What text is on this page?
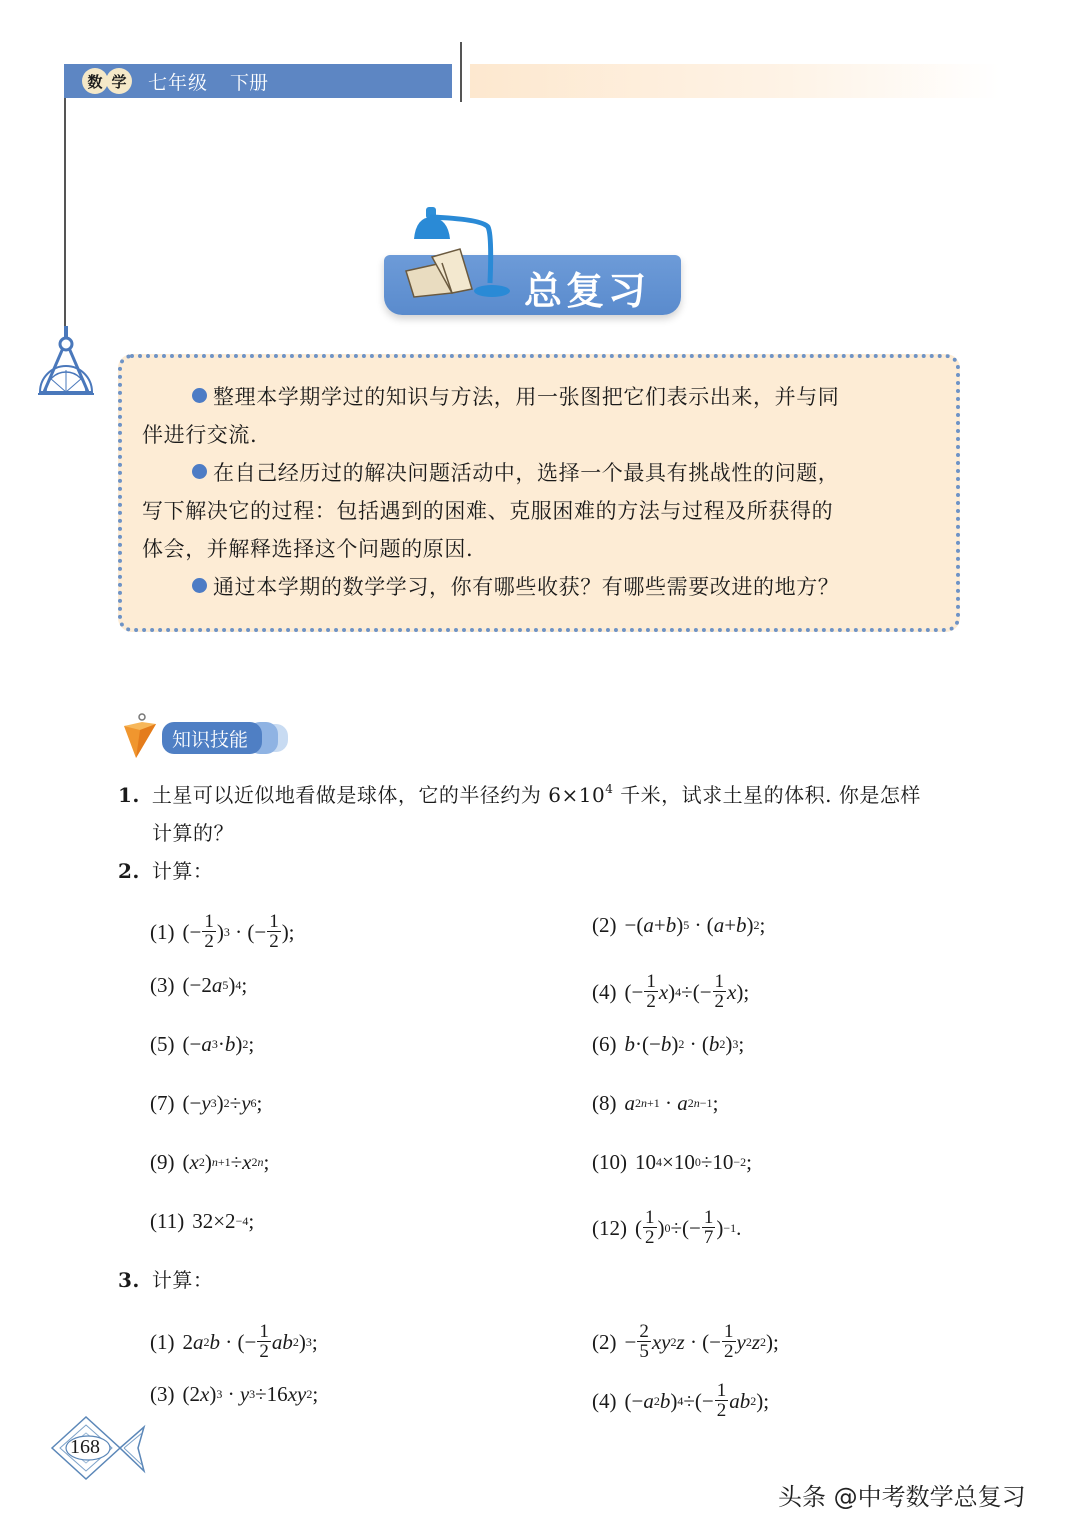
数 学 七年级 下册
总复习

整理本学期学过的知识与方法，用一张图把它们表示出来，并与同

伴进行交流.

在自己经历过的解决问题活动中，选择一个最具有挑战性的问题，

写下解决它的过程：包括遇到的困难、克服困难的方法与过程及所获得的

体会，并解释选择这个问题的原因.

通过本学期的数学学习，你有哪些收获？有哪些需要改进的地方？

知识技能
1. 土星可以近似地看做是球体，它的半径约为 $6\times 10^4$ 千米，试求土星的体积. 你是怎样
计算的？
2. 计算：
(1) (− $\frac{1}{2}$ ) 3 · (− $\frac{1}{2}$ );	(2) −( a + b ) 5 · ( a + b ) 2 ;
(3) (−2 a 5 ) 4 ;	(4) (− $\frac{1}{2}$ x ) 4 ÷(− $\frac{1}{2}$ x );
(5) (− a 3 · b ) 2 ;	(6) b ·(− b ) 2 · ( b 2 ) 3 ;
(7) (− y 3 ) 2 ÷ y 6 ;	(8) a 2n+1 · a 2n−1 ;
(9) ( x 2 ) n+1 ÷ x 2n ;	(10) 10 4 ×10 0 ÷10 −2 ;
(11) 32×2 −4 ;	(12) ( $\frac{1}{2}$ ) 0 ÷(− $\frac{1}{7}$ ) −1 .
3. 计算：
(1) 2 a 2 b · (− $\frac{1}{2}$ ab 2 ) 3 ;	$(2) - \frac{2}{5}$ xy 2 z · (− $\frac{1}{2}$ y 2 z 2 );
(3) (2 x ) 3 · y 3 ÷16 xy 2 ;	(4) (− a 2 b ) 4 ÷(− $\frac{1}{2}$ ab 2 );
168
头条 @中考数学总复习
